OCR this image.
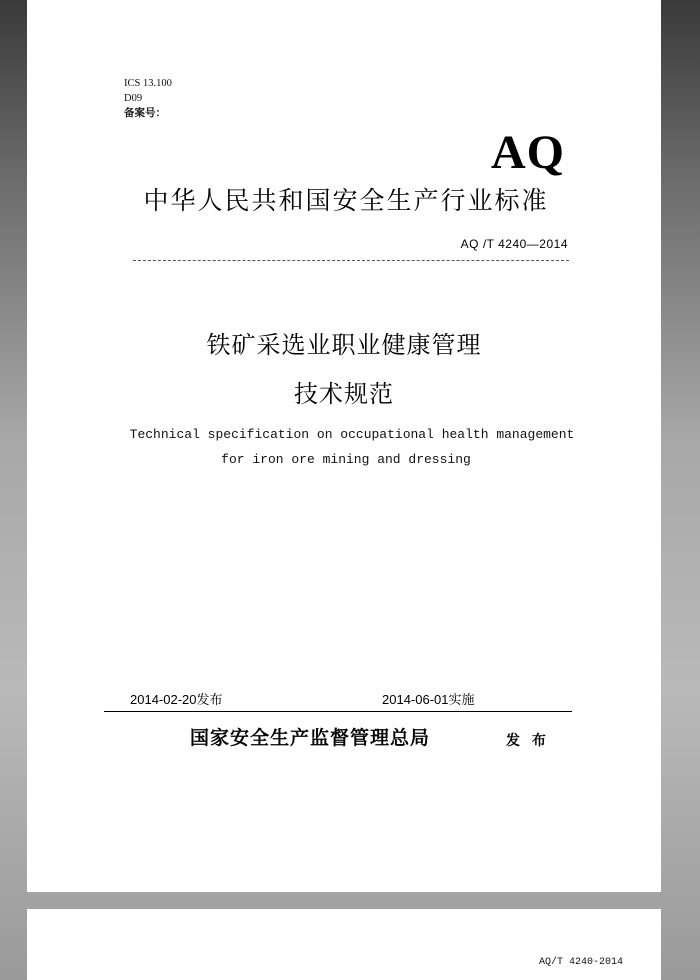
ICS 13.100
D09
备案号：
AQ
中华人民共和国安全生产行业标准
AQ /T 4240—2014
铁矿采选业职业健康管理
技术规范
Technical specification on occupational health management
for iron ore mining and dressing
2014-02-20发布	2014-06-01实施
国家安全生产监督管理总局	发 布
AQ/T 4240-2014
